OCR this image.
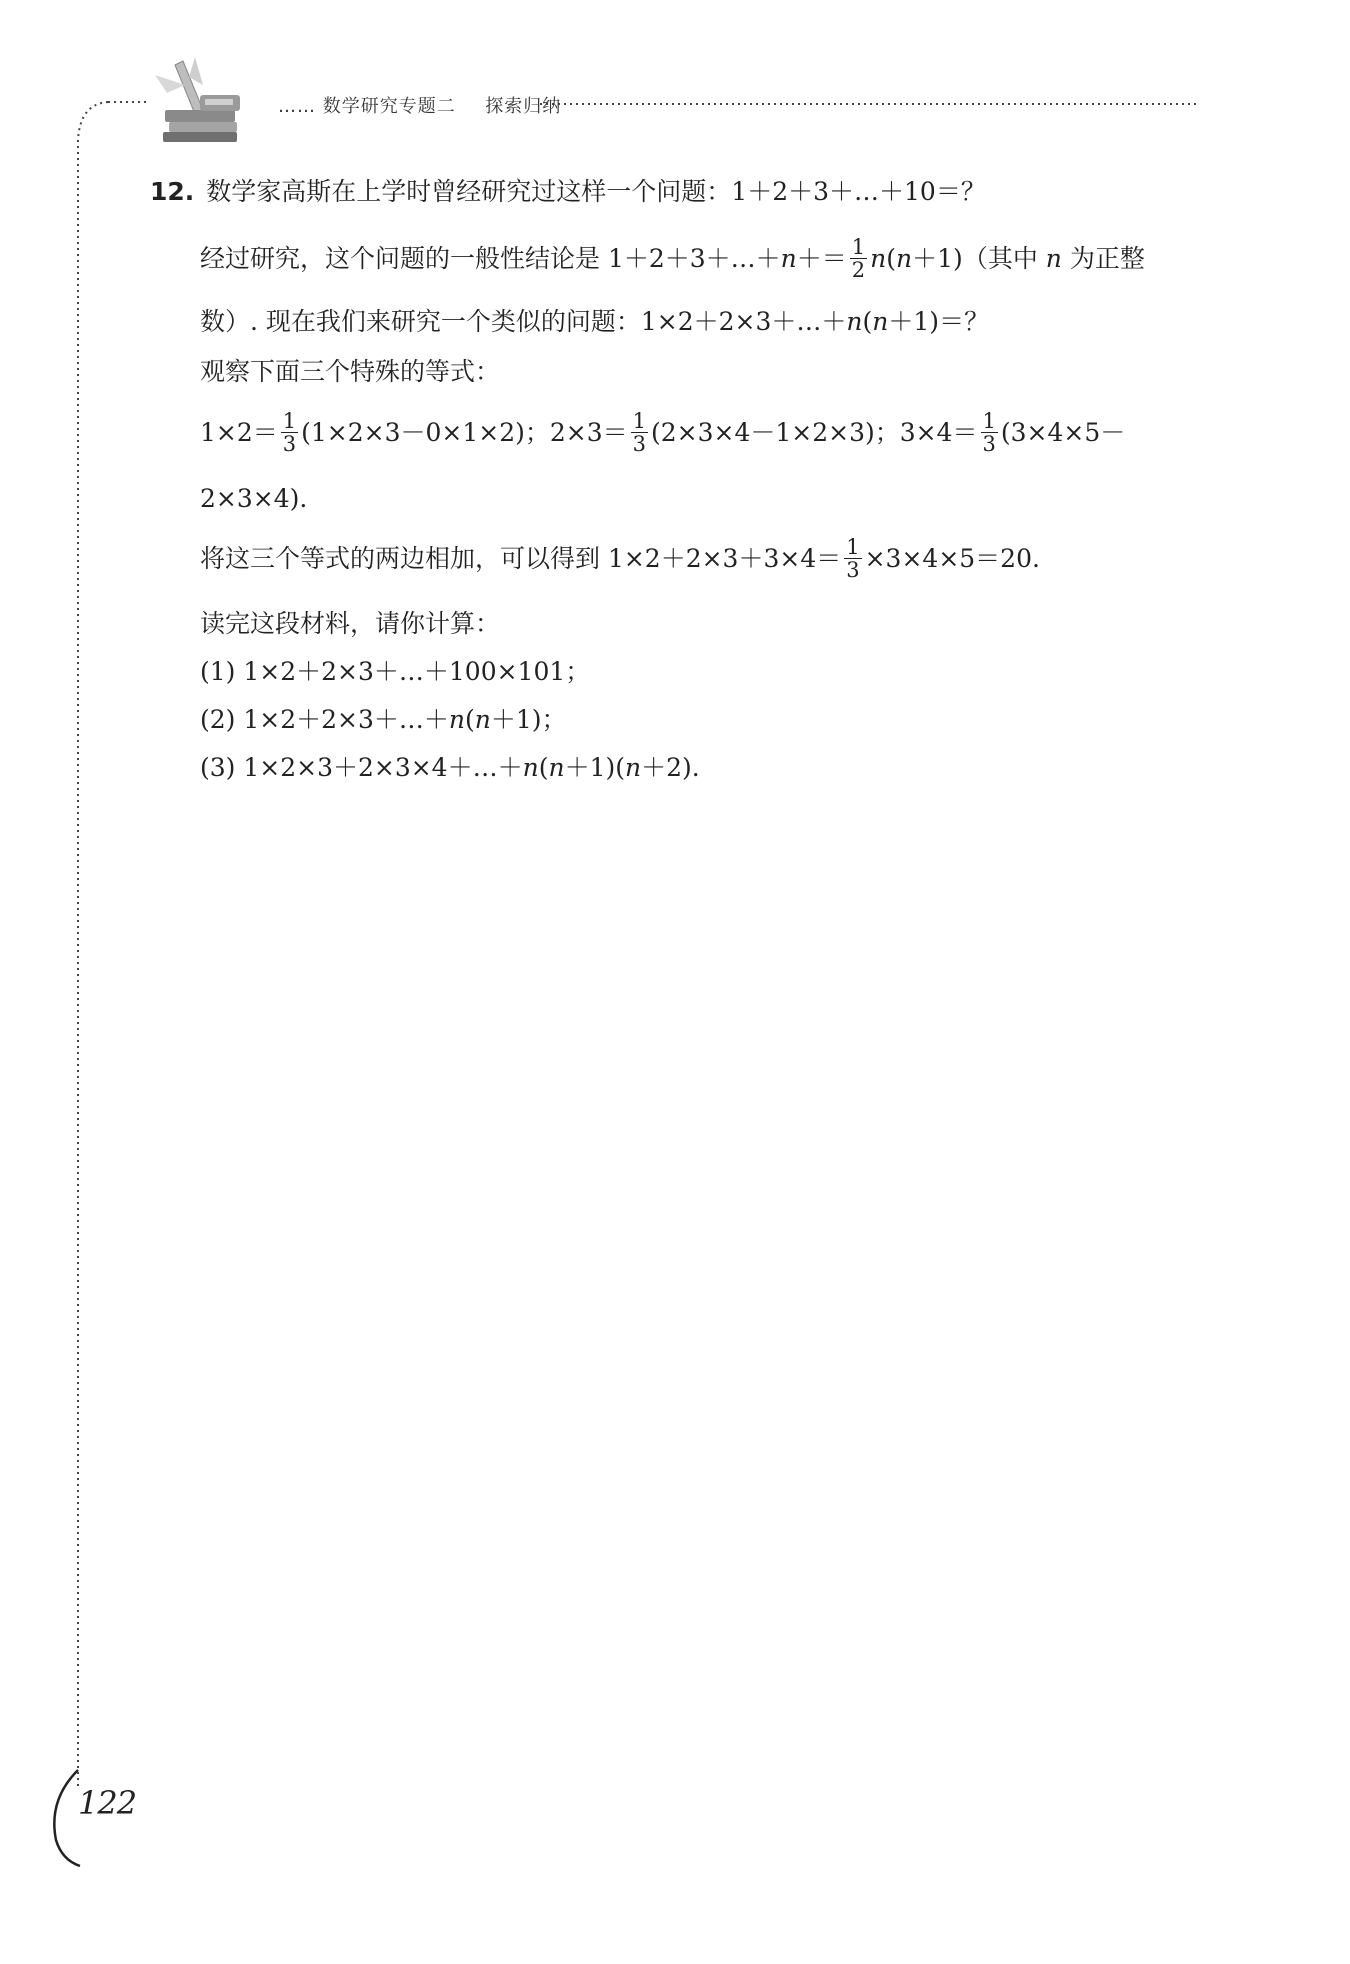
…… 数学研究专题二 探索归纳
12. 数学家高斯在上学时曾经研究过这样一个问题：1＋2＋3＋…＋10＝？
经过研究，这个问题的一般性结论是 1＋2＋3＋…＋n＋＝ $\frac{1}{2} n(n+1)$（其中 n 为正整
数）. 现在我们来研究一个类似的问题：1×2＋2×3＋…＋n(n＋1)＝？
观察下面三个特殊的等式：
$1\times 2= \frac{1}{3} (1\times 2\times 3-0\times 1\times 2)$；$2\times 3= \frac{1}{3} (2\times 3\times 4-1\times 2\times 3)$；$3\times 4= \frac{1}{3} (3\times 4\times 5-$
2×3×4).
将这三个等式的两边相加，可以得到 $1\times 2+2\times 3+3\times 4= \frac{1}{3} \times 3\times 4\times 5=20$.
读完这段材料，请你计算：
(1) 1×2＋2×3＋…＋100×101；
(2) 1×2＋2×3＋…＋n(n＋1)；
(3) 1×2×3＋2×3×4＋…＋n(n＋1)(n＋2).
122
